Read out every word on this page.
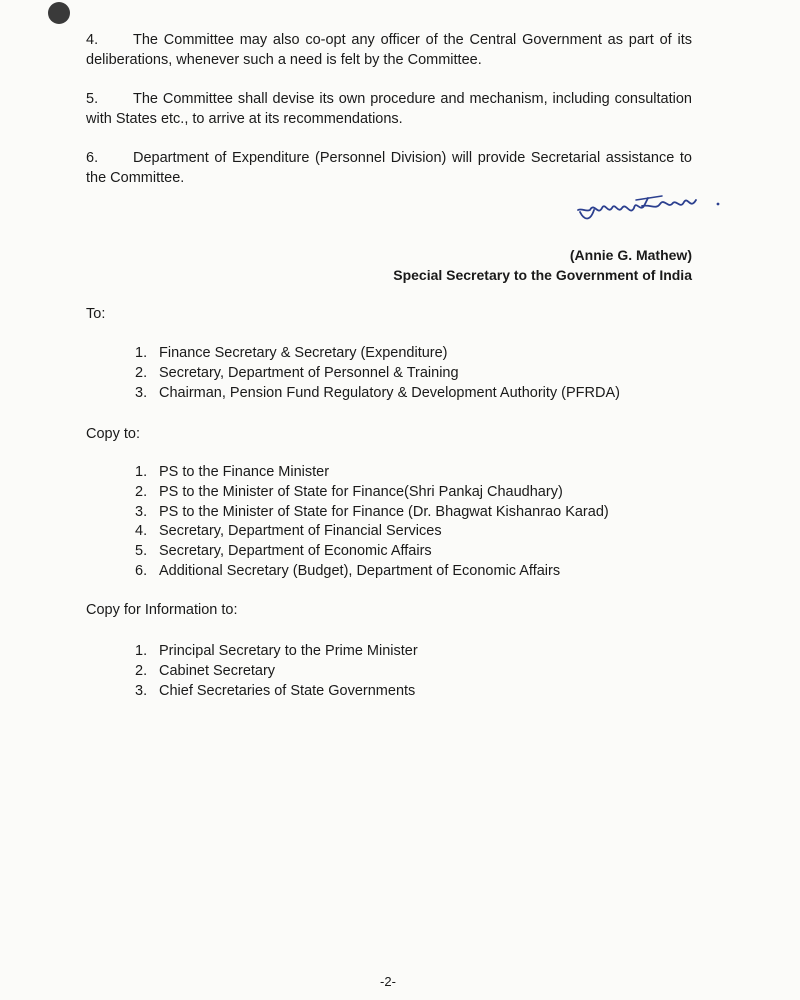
4. The Committee may also co-opt any officer of the Central Government as part of its deliberations, whenever such a need is felt by the Committee.
5. The Committee shall devise its own procedure and mechanism, including consultation with States etc., to arrive at its recommendations.
6. Department of Expenditure (Personnel Division) will provide Secretarial assistance to the Committee.
(Annie G. Mathew)
Special Secretary to the Government of India
To:
1. Finance Secretary & Secretary (Expenditure)
2. Secretary, Department of Personnel & Training
3. Chairman, Pension Fund Regulatory & Development Authority (PFRDA)
Copy to:
1. PS to the Finance Minister
2. PS to the Minister of State for Finance(Shri Pankaj Chaudhary)
3. PS to the Minister of State for Finance (Dr. Bhagwat Kishanrao Karad)
4. Secretary, Department of Financial Services
5. Secretary, Department of Economic Affairs
6. Additional Secretary (Budget), Department of Economic Affairs
Copy for Information to:
1. Principal Secretary to the Prime Minister
2. Cabinet Secretary
3. Chief Secretaries of State Governments
-2-
